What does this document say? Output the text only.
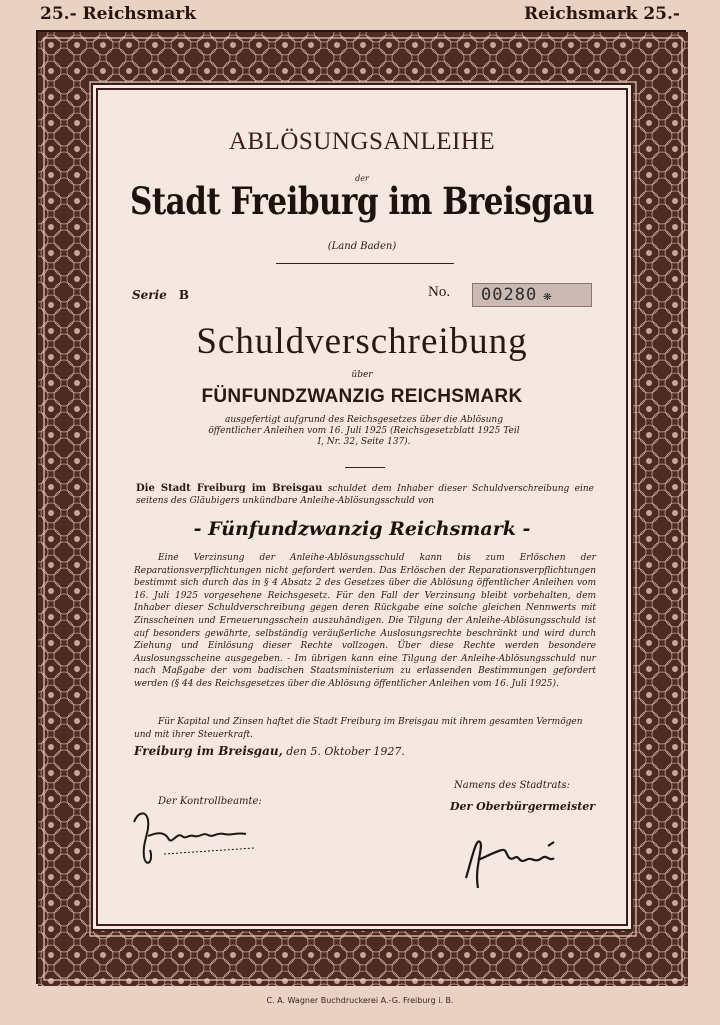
25.- Reichsmark	Reichsmark 25.-
ABLÖSUNGSANLEIHE
der
Stadt Freiburg im Breisgau
(Land Baden)
Serie B	No.	00280 ❋
Schuldverschreibung
über
FÜNFUNDZWANZIG REICHSMARK
ausgefertigt aufgrund des Reichsgesetzes über die Ablösung öffentlicher Anleihen vom 16. Juli 1925 (Reichsgesetzblatt 1925 Teil I, Nr. 32, Seite 137).
Die Stadt Freiburg im Breisgau schuldet dem Inhaber dieser Schuldverschreibung eine seitens des Gläubigers unkündbare Anleihe-Ablösungsschuld von
- Fünfundzwanzig Reichsmark -
Eine Verzinsung der Anleihe-Ablösungsschuld kann bis zum Erlöschen der Reparationsverpflichtungen nicht gefordert werden. Das Erlöschen der Reparationsverpflichtungen bestimmt sich durch das in § 4 Absatz 2 des Gesetzes über die Ablösung öffentlicher Anleihen vom 16. Juli 1925 vorgesehene Reichsgesetz. Für den Fall der Verzinsung bleibt vorbehalten, dem Inhaber dieser Schuldverschreibung gegen deren Rückgabe eine solche gleichen Nennwerts mit Zinsscheinen und Erneuerungsschein auszuhändigen. Die Tilgung der Anleihe-Ablösungsschuld ist auf besonders gewährte, selbständig veräußerliche Auslosungsrechte beschränkt und wird durch Ziehung und Einlösung dieser Rechte vollzogen. Über diese Rechte werden besondere Auslosungsscheine ausgegeben. - Im übrigen kann eine Tilgung der Anleihe-Ablösungsschuld nur nach Maßgabe der vom badischen Staatsministerium zu erlassenden Bestimmungen gefordert werden (§ 44 des Reichsgesetzes über die Ablösung öffentlicher Anleihen vom 16. Juli 1925).
Für Kapital und Zinsen haftet die Stadt Freiburg im Breisgau mit ihrem gesamten Vermögen und mit ihrer Steuerkraft.
Freiburg im Breisgau, den 5. Oktober 1927.
Namens des Stadtrats:
Der Kontrollbeamte:	Der Oberbürgermeister
C. A. Wagner Buchdruckerei A.-G. Freiburg i. B.
